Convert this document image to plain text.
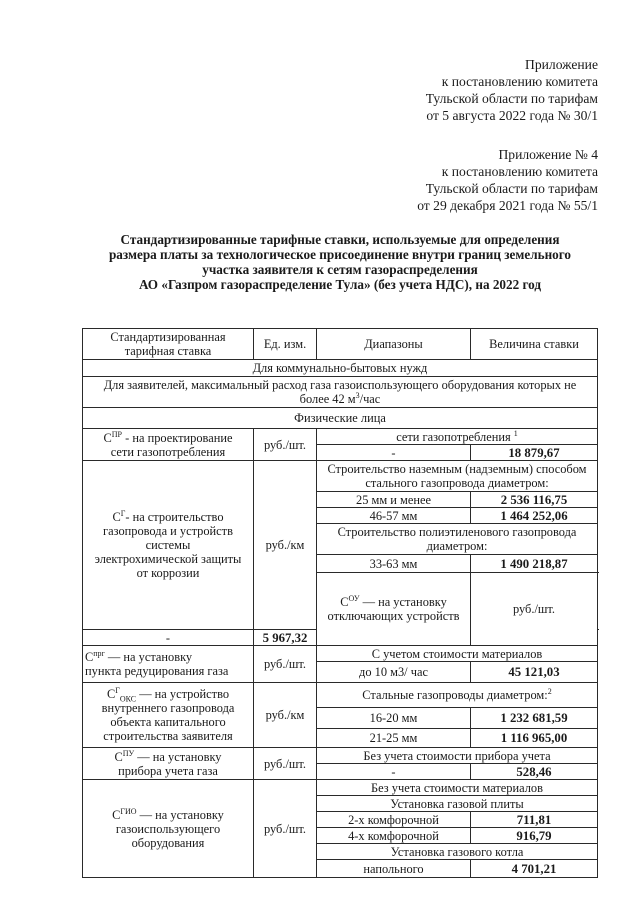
Приложение
к постановлению комитета
Тульской области по тарифам
от 5 августа 2022 года № 30/1
Приложение № 4
к постановлению комитета
Тульской области по тарифам
от 29 декабря 2021 года № 55/1
Стандартизированные тарифные ставки, используемые для определения
размера платы за технологическое присоединение внутри границ земельного
участка заявителя к сетям газораспределения
АО «Газпром газораспределение Тула» (без учета НДС), на 2022 год
Стандартизированная тарифная ставка	Ед. изм.	Диапазоны	Величина ставки	
Для коммунально-бытовых нужд				
Для заявителей, максимальный расход газа газоиспользующего оборудования которых не
более 42 $м^3$/час				
Физические лица				
$С^{ПР}$ - на проектирование
сети газопотребления	руб./шт.	сети газопотребления $^1$
		-	18 879,67	
$С^Г-$ на строительство
газопровода и устройств
системы
электрохимической защиты
от коррозии	руб./км	Строительство наземным (надземным) способом стального газопровода диаметром:		
		25 мм и менее	2 536 116,75	
		46-57 мм	1 464 252,06	
		Строительство полиэтиленового газопровода диаметром:		
		33-63 мм	1 490 218,87	
		$С^{ОУ}$ — на установку
отключающих устройств	руб./шт.	
-	5 967,32			
$С^{прг}$ — на установку
пункта редуцирования газа	руб./шт.	С учетом стоимости материалов		
		до 10 м3/ час	45 121,03	
$С^Г_{ОКС}$ — на устройство
внутреннего газопровода
объекта капитального
строительства заявителя	руб./км	Стальные газопроводы диаметром:$^2$
		16-20 мм	1 232 681,59	
		21-25 мм	1 116 965,00	
$С^{ПУ}$ — на установку
прибора учета газа	руб./шт.	Без учета стоимости прибора учета		
		-	528,46	
$С^{ГИО}$ — на установку
газоиспользующего
оборудования	руб./шт.	Без учета стоимости материалов		
		Установка газовой плиты		
		2-х комфорочной	711,81	
		4-х комфорочной	916,79	
		Установка газового котла		
		напольного	4 701,21	
